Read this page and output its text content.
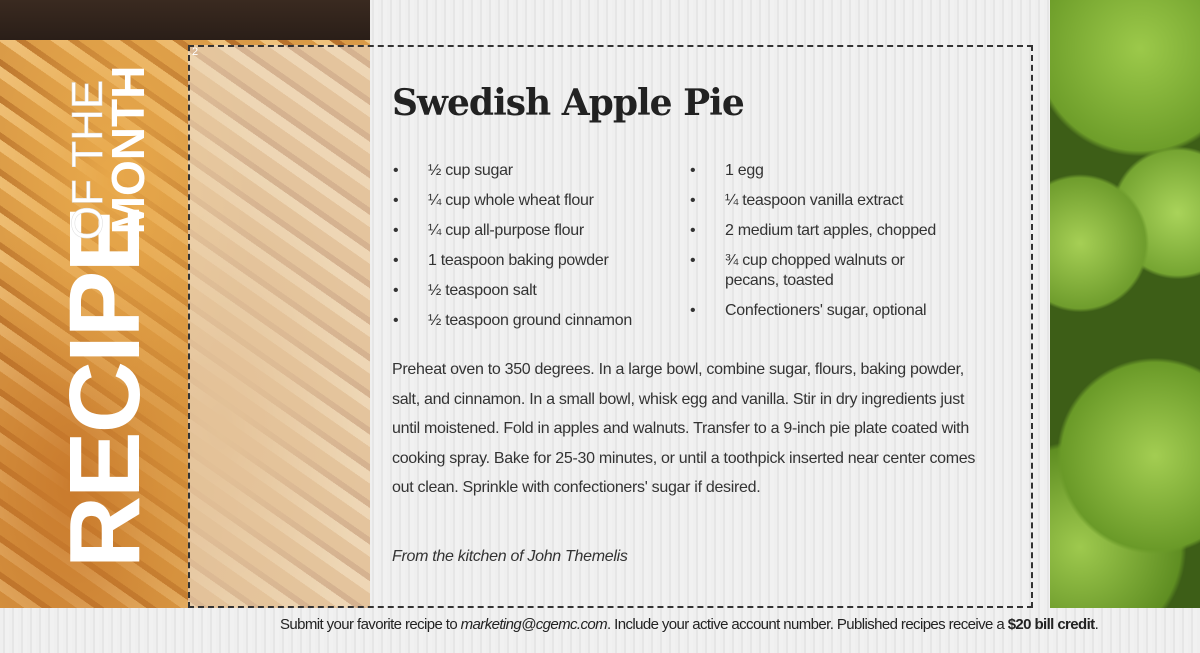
RECIPE
OF THE
MONTH
2
Swedish Apple Pie
• ½ cup sugar
• ¼ cup whole wheat flour
• ¼ cup all-purpose flour
• 1 teaspoon baking powder
• ½ teaspoon salt
• ½ teaspoon ground cinnamon
• 1 egg
• ¼ teaspoon vanilla extract
• 2 medium tart apples, chopped
• ¾ cup chopped walnuts or pecans, toasted
• Confectioners' sugar, optional

Preheat oven to 350 degrees. In a large bowl, combine sugar, flours, baking powder, salt, and cinnamon. In a small bowl, whisk egg and vanilla. Stir in dry ingredients just until moistened. Fold in apples and walnuts. Transfer to a 9-inch pie plate coated with cooking spray. Bake for 25-30 minutes, or until a toothpick inserted near center comes out clean. Sprinkle with confectioners' sugar if desired.

From the kitchen of John Themelis

Submit your favorite recipe to marketing@cgemc.com. Include your active account number. Published recipes receive a $20 bill credit.
